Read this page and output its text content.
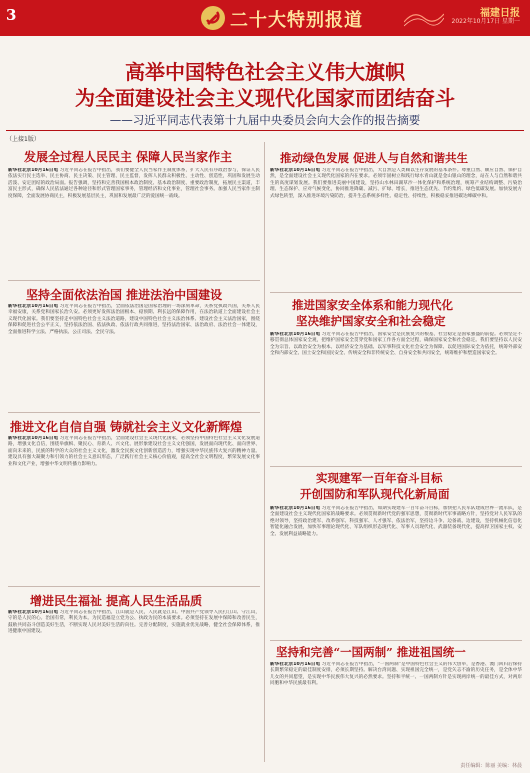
3	二十大特别报道	福建日报
2022年10月17日 星期一
高举中国特色社会主义伟大旗帜
为全面建设社会主义现代化国家而团结奋斗
——习近平同志代表第十九届中央委员会向大会作的报告摘要
（上接1版）
发展全过程人民民主 保障人民当家作主
新华社北京10月16日电 习近平同志在报告中指出，我们要健全人民当家作主制度体系，扩大人民有序政治参与，保证人民依法实行民主选举、民主协商、民主决策、民主管理、民主监督，发挥人民群众积极性、主动性、创造性，巩固和发展生动活泼、安定团结的政治局面。报告强调，坚持和完善我国根本政治制度、基本政治制度、重要政治制度，拓展民主渠道，丰富民主形式，确保人民依法通过各种途径和形式管理国家事务，管理经济和文化事业，管理社会事务。加强人民当家作主制度保障，全面发展协商民主，积极发展基层民主，巩固和发展最广泛的爱国统一战线。
坚持全面依法治国 推进法治中国建设
新华社北京10月16日电 习近平同志在报告中指出，全面依法治国是国家治理的一场深刻革命，关系党执政兴国，关系人民幸福安康，关系党和国家长治久安。必须更好发挥法治固根本、稳预期、利长远的保障作用，在法治轨道上全面建设社会主义现代化国家。我们要坚持走中国特色社会主义法治道路，建设中国特色社会主义法治体系、建设社会主义法治国家，围绕保障和促进社会公平正义，坚持依法治国、依法执政、依法行政共同推进，坚持法治国家、法治政府、法治社会一体建设，全面推进科学立法、严格执法、公正司法、全民守法。
推进文化自信自强 铸就社会主义文化新辉煌
新华社北京10月16日电 习近平同志在报告中指出，全面建设社会主义现代化国家，必须坚持中国特色社会主义文化发展道路，增强文化自信，围绕举旗帜、聚民心、育新人、兴文化、展形象建设社会主义文化强国，发展面向现代化、面向世界、面向未来的，民族的科学的大众的社会主义文化，激发全民族文化创新创造活力，增强实现中华民族伟大复兴的精神力量。建设具有强大凝聚力和引领力的社会主义意识形态，广泛践行社会主义核心价值观，提高全社会文明程度，繁荣发展文化事业和文化产业，增强中华文明传播力影响力。
增进民生福祉 提高人民生活品质
新华社北京10月16日电 习近平同志在报告中指出，江山就是人民，人民就是江山。中国共产党领导人民打江山、守江山，守的是人民的心。治国有常，利民为本。为民造福是立党为公、执政为民的本质要求。必须坚持在发展中保障和改善民生，鼓励共同奋斗创造美好生活，不断实现人民对美好生活的向往。完善分配制度，实施就业优先战略，健全社会保障体系，推进健康中国建设。
推动绿色发展 促进人与自然和谐共生
新华社北京10月16日电 习近平同志在报告中指出，大自然是人类赖以生存发展的基本条件。尊重自然、顺应自然、保护自然，是全面建设社会主义现代化国家的内在要求。必须牢固树立和践行绿水青山就是金山银山的理念，站在人与自然和谐共生的高度谋划发展。我们要推进美丽中国建设，坚持山水林田湖草沙一体化保护和系统治理，统筹产业结构调整、污染治理、生态保护、应对气候变化，协同推进降碳、减污、扩绿、增长，推进生态优先、节约集约、绿色低碳发展。加快发展方式绿色转型，深入推进环境污染防治，提升生态系统多样性、稳定性、持续性，积极稳妥推进碳达峰碳中和。
推进国家安全体系和能力现代化
坚决维护国家安全和社会稳定
新华社北京10月16日电 习近平同志在报告中指出，国家安全是民族复兴的根基，社会稳定是国家强盛的前提。必须坚定不移贯彻总体国家安全观，把维护国家安全贯穿党和国家工作各方面全过程，确保国家安全和社会稳定。我们要坚持以人民安全为宗旨、以政治安全为根本、以经济安全为基础、以军事科技文化社会安全为保障、以促进国际安全为依托，统筹外部安全和内部安全、国土安全和国民安全、传统安全和非传统安全、自身安全和共同安全，统筹维护和塑造国家安全。
实现建军一百年奋斗目标
开创国防和军队现代化新局面
新华社北京10月16日电 习近平同志在报告中指出，如期实现建军一百年奋斗目标，加快把人民军队建成世界一流军队，是全面建设社会主义现代化国家的战略要求。必须贯彻新时代党的强军思想，贯彻新时代军事战略方针，坚持党对人民军队的绝对领导，坚持政治建军、改革强军、科技强军、人才强军、依法治军，坚持边斗争、边备战、边建设，坚持机械化信息化智能化融合发展，加快军事理论现代化、军队组织形态现代化、军事人员现代化、武器装备现代化，提高捍卫国家主权、安全、发展利益战略能力。
坚持和完善“一国两制” 推进祖国统一
新华社北京10月16日电 习近平同志在报告中指出，“一国两制”是中国特色社会主义的伟大创举，是香港、澳门回归后保持长期繁荣稳定的最佳制度安排，必须长期坚持。解决台湾问题、实现祖国完全统一，是党矢志不渝的历史任务，是全体中华儿女的共同愿望，是实现中华民族伟大复兴的必然要求。坚持和平统一、一国两制方针是实现两岸统一的最佳方式，对两岸同胞和中华民族最有利。
责任编辑：陈丽 美编：林晨
